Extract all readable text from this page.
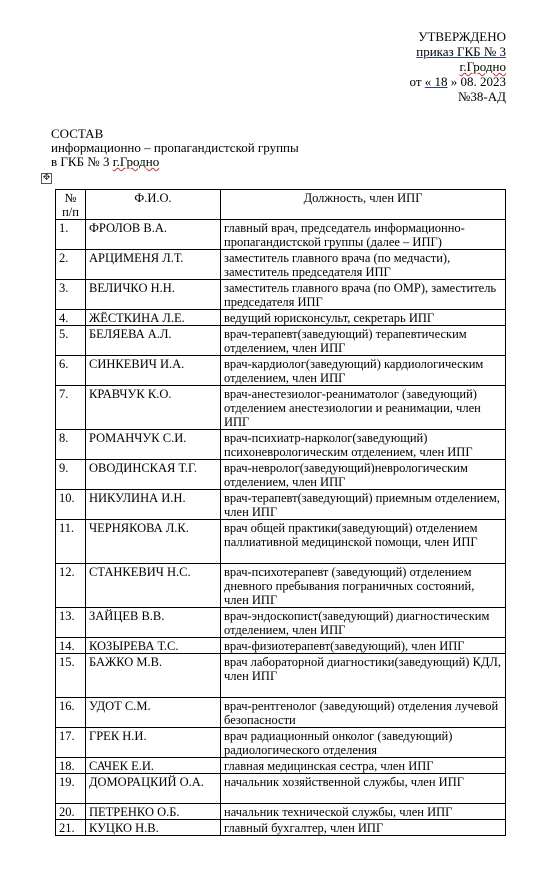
УТВЕРЖДЕНО
приказ ГКБ № 3
г.Гродно
от « 18 » 08. 2023
№38-АД
СОСТАВ
информационно – пропагандистской группы
в ГКБ № 3 г.Гродно
✥
№ п/п	Ф.И.О.	Должность, член ИПГ
1.	ФРОЛОВ В.А.	главный врач, председатель информационно-пропагандистской группы (далее – ИПГ)
2.	АРЦИМЕНЯ Л.Т.	заместитель главного врача (по медчасти), заместитель председателя ИПГ
3.	ВЕЛИЧКО Н.Н.	заместитель главного врача (по ОМР), заместитель председателя ИПГ
4.	ЖЁСТКИНА Л.Е.	ведущий юрисконсульт, секретарь ИПГ
5.	БЕЛЯЕВА А.Л.	врач-терапевт(заведующий) терапевтическим отделением, член ИПГ
6.	СИНКЕВИЧ И.А.	врач-кардиолог(заведующий) кардиологическим отделением, член ИПГ
7.	КРАВЧУК К.О.	врач-анестезиолог-реаниматолог (заведующий) отделением анестезиологии и реанимации, член ИПГ
8.	РОМАНЧУК С.И.	врач-психиатр-нарколог(заведующий) психоневрологическим отделением, член ИПГ
9.	ОВОДИНСКАЯ Т.Г.	врач-невролог(заведующий)неврологическим отделением, член ИПГ
10.	НИКУЛИНА И.Н.	врач-терапевт(заведующий) приемным отделением, член ИПГ
11.	ЧЕРНЯКОВА Л.К.	врач общей практики(заведующий) отделением паллиативной медицинской помощи, член ИПГ
12.	СТАНКЕВИЧ Н.С.	врач-психотерапевт (заведующий) отделением дневного пребывания пограничных состояний, член ИПГ
13.	ЗАЙЦЕВ В.В.	врач-эндоскопист(заведующий) диагностическим отделением, член ИПГ
14.	КОЗЫРЕВА Т.С.	врач-физиотерапевт(заведующий), член ИПГ
15.	БАЖКО М.В.	врач лабораторной диагностики(заведующий) КДЛ, член ИПГ
16.	УДОТ С.М.	врач-рентгенолог (заведующий) отделения лучевой безопасности
17.	ГРЕК Н.И.	врач радиационный онколог (заведующий) радиологического отделения
18.	САЧЕК Е.И.	главная медицинская сестра, член ИПГ
19.	ДОМОРАЦКИЙ О.А.	начальник хозяйственной службы, член ИПГ
20.	ПЕТРЕНКО О.Б.	начальник технической службы, член ИПГ
21.	КУЦКО Н.В.	главный бухгалтер, член ИПГ
